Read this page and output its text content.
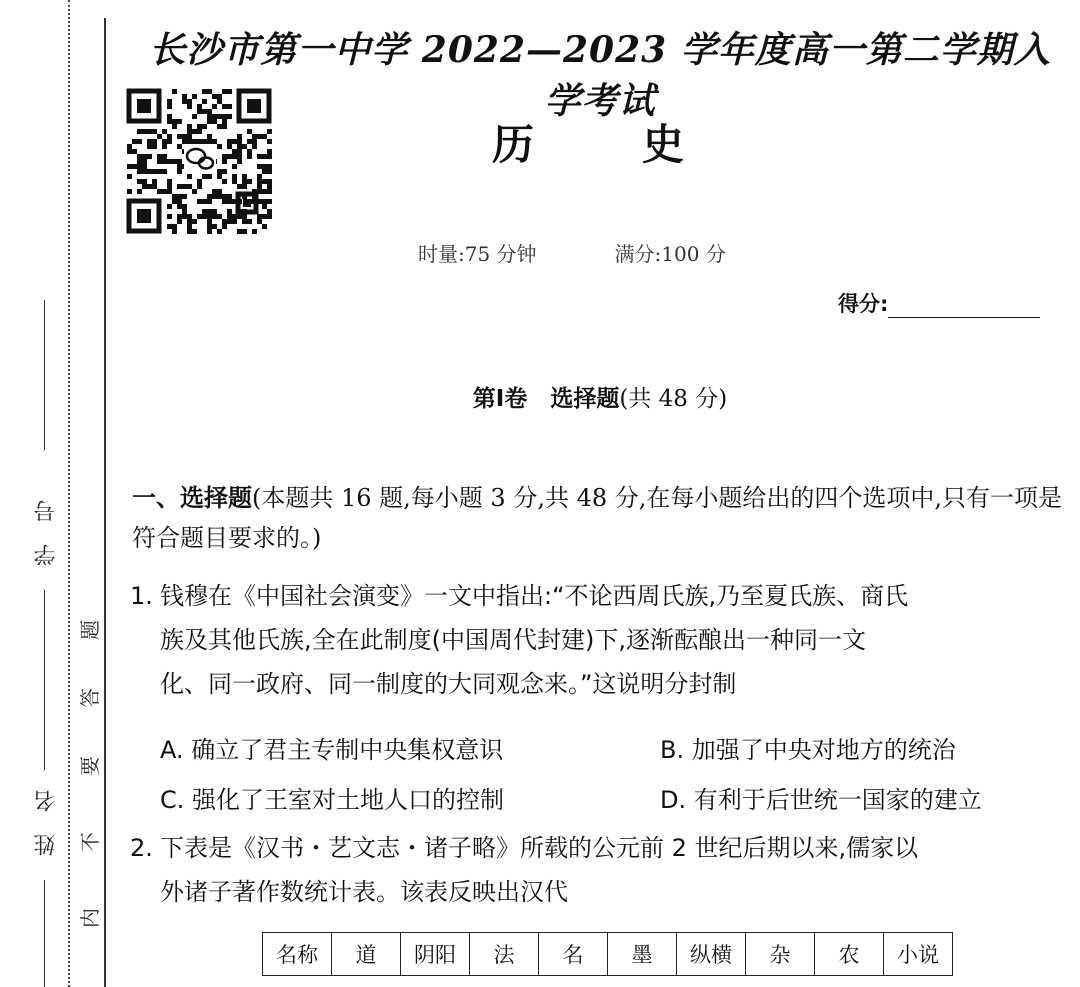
学　号
姓　名
题
答
要
不
内
长沙市第一中学 2022—2023 学年度高一第二学期入学考试
历	史
时量:75 分钟	满分:100 分
得分:
第Ⅰ卷　选择题(共 48 分)
一、选择题(本题共 16 题,每小题 3 分,共 48 分,在每小题给出的四个选项中,只有一项是符合题目要求的。)
1. 钱穆在《中国社会演变》一文中指出:“不论西周氏族,乃至夏氏族、商氏
族及其他氏族,全在此制度(中国周代封建)下,逐渐酝酿出一种同一文
化、同一政府、同一制度的大同观念来。”这说明分封制
A. 确立了君主专制中央集权意识	B. 加强了中央对地方的统治
C. 强化了王室对土地人口的控制	D. 有利于后世统一国家的建立
2. 下表是《汉书・艺文志・诸子略》所载的公元前 2 世纪后期以来,儒家以
外诸子著作数统计表。该表反映出汉代
名称	道	阴阳	法	名	墨	纵横	杂	农	小说
